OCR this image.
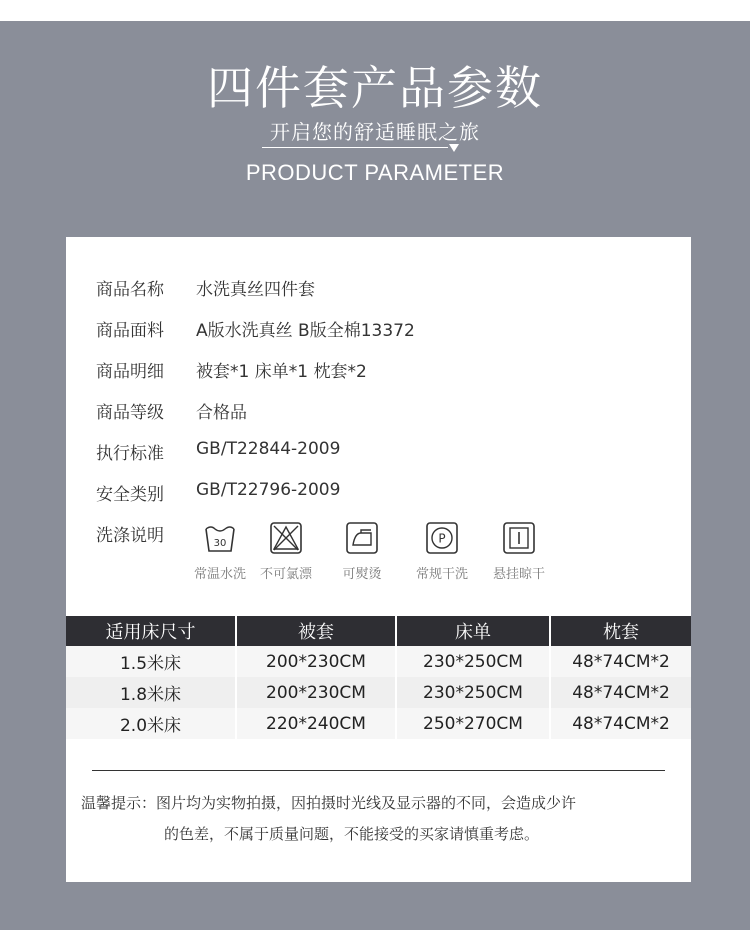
四件套产品参数
开启您的舒适睡眠之旅
PRODUCT PARAMETER
商品名称 水洗真丝四件套
商品面料 A版水洗真丝 B版全棉13372
商品明细 被套*1 床单*1 枕套*2
商品等级 合格品
执行标准 GB/T22844-2009
安全类别 GB/T22796-2009
洗涤说明	30	P
常温水洗	不可氯漂	可熨烫	常规干洗	悬挂晾干
适用床尺寸	被套	床单	枕套
1.5米床	200*230CM	230*250CM	48*74CM*2
1.8米床	200*230CM	230*250CM	48*74CM*2
2.0米床	220*240CM	250*270CM	48*74CM*2
温馨提示：图片均为实物拍摄，因拍摄时光线及显示器的不同，会造成少许
的色差，不属于质量问题，不能接受的买家请慎重考虑。
